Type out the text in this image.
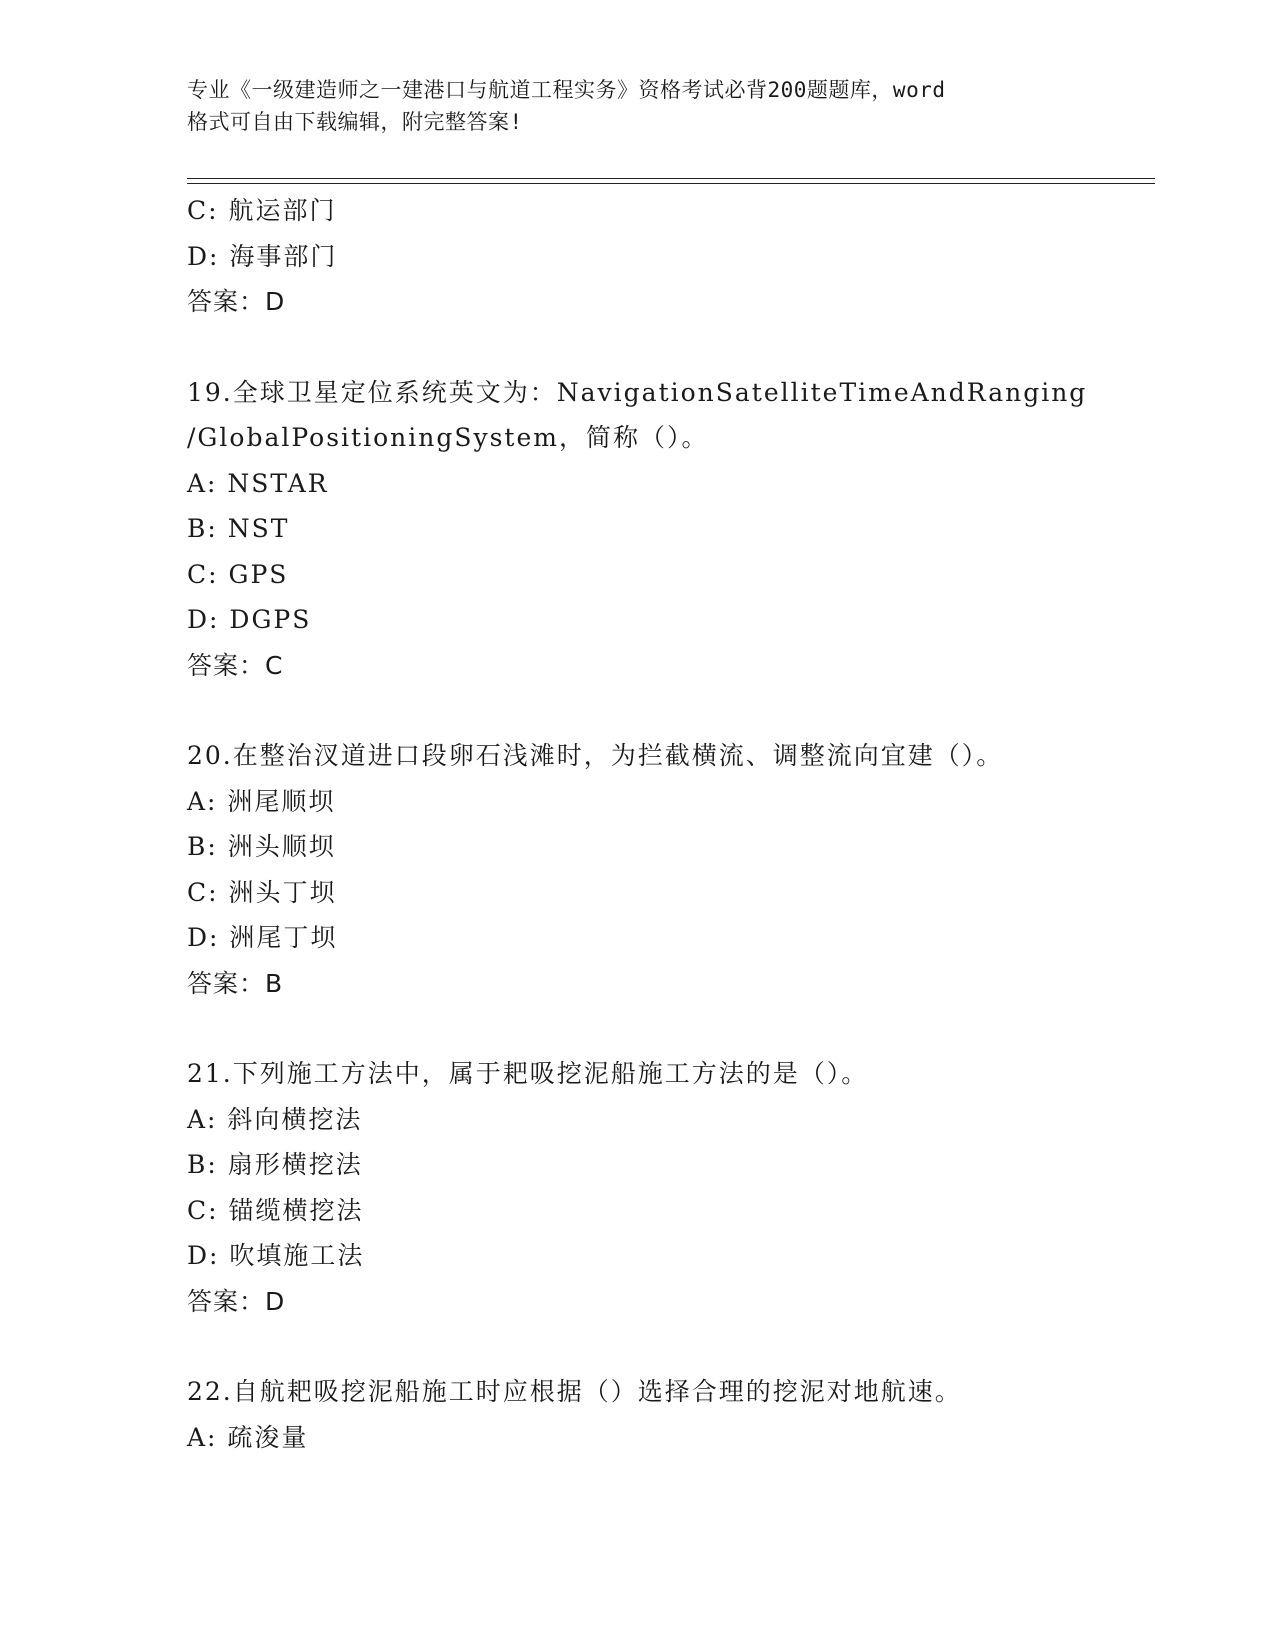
专业《一级建造师之一建港口与航道工程实务》资格考试必背200题题库，word
格式可自由下载编辑，附完整答案!
C: 航运部门
D: 海事部门
答案：D
19.全球卫星定位系统英文为：NavigationSatelliteTimeAndRanging
/GlobalPositioningSystem，简称（）。
A: NSTAR
B: NST
C: GPS
D: DGPS
答案：C
20.在整治汊道进口段卵石浅滩时，为拦截横流、调整流向宜建（）。
A: 洲尾顺坝
B: 洲头顺坝
C: 洲头丁坝
D: 洲尾丁坝
答案：B
21.下列施工方法中，属于耙吸挖泥船施工方法的是（）。
A: 斜向横挖法
B: 扇形横挖法
C: 锚缆横挖法
D: 吹填施工法
答案：D
22.自航耙吸挖泥船施工时应根据（）选择合理的挖泥对地航速。
A: 疏浚量
